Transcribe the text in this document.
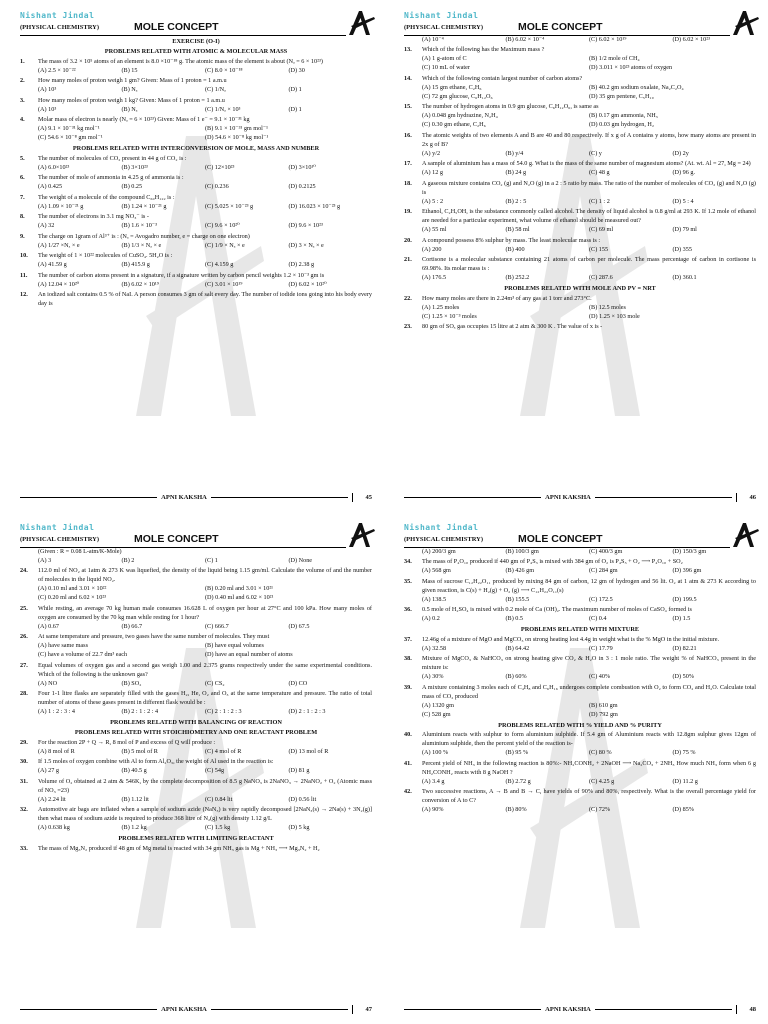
Nishant Jindal
(PHYSICAL CHEMISTRY)	MOLE CONCEPT
EXERCISE (O-I)
PROBLEMS RELATED WITH ATOMIC & MOLECULAR MASS
1.	The mass of 3.2 × 10⁵ atoms of an element is 8.0 ×10⁻¹⁸ g. The atomic mass of the element is about (Nₐ = 6 × 10²³)
(A) 2.5 × 10⁻²²	(B) 15	(C) 8.0 × 10⁻¹⁸	(D) 30
2.	How many moles of proton weigh 1 gm? Given: Mass of 1 proton = 1 a.m.u
(A) 10³	(B) Nₐ	(C) 1/Nₐ	(D) 1
3.	How many moles of proton weigh 1 kg? Given: Mass of 1 proton = 1 a.m.u
(A) 10³	(B) Nₐ	(C) 1/Nₐ × 10³	(D) 1
4.	Molar mass of electron is nearly (Nₐ = 6 × 10²³) Given: Mass of 1 e⁻ = 9.1 × 10⁻³¹ kg
(A) 9.1 × 10⁻³¹ kg mol⁻¹	(B) 9.1 × 10⁻³¹ gm mol⁻¹
(C) 54.6 × 10⁻⁸ gm mol⁻¹	(D) 54.6 × 10⁻⁸ kg mol⁻¹
PROBLEMS RELATED WITH INTERCONVERSION OF MOLE, MASS AND NUMBER
5.	The number of molecules of CO₂ present in 44 g of CO₂ is :
(A) 6.0×10²³	(B) 3×10²³	(C) 12×10²³	(D) 3×10¹⁰
6.	The number of mole of ammonia in 4.25 g of ammonia is :
(A) 0.425	(B) 0.25	(C) 0.236	(D) 0.2125
7.	The weight of a molecule of the compound C₆₀H₁₂₂ is :
(A) 1.09 × 10⁻²¹ g	(B) 1.24 × 10⁻²¹ g	(C) 5.025 × 10⁻²³ g	(D) 16.023 × 10⁻²³ g
8.	The number of electrons in 3.1 mg NO₃⁻ is -
(A) 32	(B) 1.6 × 10⁻³	(C) 9.6 × 10²⁰	(D) 9.6 × 10²³
9.	The charge on 1gram of Al³⁺ is : (Nₐ = Avogadro number, e = charge on one electron)
(A) 1/27 ×Nₐ × e	(B) 1/3 × Nₐ × e	(C) 1/9 × Nₐ × e	(D) 3 × Nₐ × e
10.	The weight of 1 × 10²² molecules of CuSO₄. 5H₂O is :
(A) 41.59 g	(B) 415.9 g	(C) 4.159 g	(D) 2.38 g
11.	The number of carbon atoms present in a signature, if a signature written by carbon pencil weights 1.2 × 10⁻³ gm is
(A) 12.04 × 10²⁰	(B) 6.02 × 10¹⁹	(C) 3.01 × 10¹⁹	(D) 6.02 × 10²⁰
12.	An iodized salt contains 0.5 % of NaI. A person consumes 3 gm of salt every day. The number of iodide ions going into his body every day is
APNI KAKSHA	45
Nishant Jindal
(PHYSICAL CHEMISTRY)	MOLE CONCEPT
(A) 10⁻⁴	(B) 6.02 × 10⁻⁴	(C) 6.02 × 10¹⁹	(D) 6.02 × 10²³
13.	Which of the following has the Maximum mass ?
(A) 1 g-atom of C	(B) 1/2 mole of CH₄
(C) 10 mL of water	(D) 3.011 × 10²³ atoms of oxygen
14.	Which of the following contain largest number of carbon atoms?
(A) 15 gm ethane, C₂H₆	(B) 40.2 gm sodium oxalate, Na₂C₂O₄
(C) 72 gm glucose, C₆H₁₂O₆	(D) 35 gm pentene, C₅H₁₀
15.	The number of hydrogen atoms in 0.9 gm glucose, C₆H₁₂O₆, is same as
(A) 0.048 gm hydrazine, N₂H₄	(B) 0.17 gm ammonia, NH₃
(C) 0.30 gm ethane, C₂H₆	(D) 0.03 gm hydrogen, H₂
16.	The atomic weights of two elements A and B are 40 and 80 respectively. If x g of A contains y atoms, how many atoms are present in 2x g of B?
(A) y/2	(B) y/4	(C) y	(D) 2y
17.	A sample of aluminium has a mass of 54.0 g. What is the mass of the same number of magnesium atoms? (At. wt. Al = 27, Mg = 24)
(A) 12 g	(B) 24 g	(C) 48 g	(D) 96 g.
18.	A gaseous mixture contains CO₂ (g) and N₂O (g) in a 2 : 5 ratio by mass. The ratio of the number of molecules of CO₂ (g) and N₂O (g) is
(A) 5 : 2	(B) 2 : 5	(C) 1 : 2	(D) 5 : 4
19.	Ethanol, C₂H₅OH, is the substance commonly called alcohol. The density of liquid alcohol is 0.8 g/ml at 293 K. If 1.2 mole of ethanol are needed for a particular experiment, what volume of ethanol should be measured out?
(A) 55 ml	(B) 58 ml	(C) 69 ml	(D) 79 ml
20.	A compound possess 8% sulphur by mass. The least molecular mass is :
(A) 200	(B) 400	(C) 155	(D) 355
21.	Cortisone is a molecular substance containing 21 atoms of carbon per molecule. The mass percentage of carbon in cortisone is 69.98%. Its molar mass is :
(A) 176.5	(B) 252.2	(C) 287.6	(D) 360.1
PROBLEMS RELATED WITH MOLE AND PV = NRT
22.	How many moles are there in 2.24m³ of any gas at 1 torr and 273°C.
(A) 1.25 moles	(B) 12.5 moles
(C) 1.25 × 10⁻³ moles	(D) 1.25 × 103 mole
23.	80 gm of SOₓ gas occupies 15 litre at 2 atm & 300 K . The value of x is -
APNI KAKSHA	46
Nishant Jindal
(PHYSICAL CHEMISTRY)	MOLE CONCEPT
(Given : R = 0.08 L-atm/K-Mole)
(A) 3	(B) 2	(C) 1	(D) None
24.	112.0 ml of NO₂ at 1atm & 273 K was liquefied, the density of the liquid being 1.15 gm/ml. Calculate the volume of and the number of molecules in the liquid NO₂.
(A) 0.10 ml and 3.01 × 10²²	(B) 0.20 ml and 3.01 × 10²¹
(C) 0.20 ml and 6.02 × 10²³	(D) 0.40 ml and 6.02 × 10²¹
25.	While resting, an average 70 kg human male consumes 16.628 L of oxygen per hour at 27°C and 100 kPa. How many moles of oxygen are consumed by the 70 kg man while resting for 1 hour?
(A) 0.67	(B) 66.7	(C) 666.7	(D) 67.5
26.	At same temperature and pressure, two gases have the same number of molecules. They must
(A) have same mass	(B) have equal volumes
(C) have a volume of 22.7 dm³ each	(D) have an equal number of atoms
27.	Equal volumes of oxygen gas and a second gas weigh 1.00 and 2.375 grams respectively under the same experimental conditions. Which of the following is the unknown gas?
(A) NO	(B) SO₂	(C) CS₂	(D) CO
28.	Four 1-1 litre flasks are separately filled with the gases H₂, He, O₂ and O₃ at the same temperature and pressure. The ratio of total number of atoms of these gases present in different flask would be :
(A) 1 : 2 : 3 : 4	(B) 2 : 1 : 2 : 4	(C) 2 : 1 : 2 : 3	(D) 2 : 1 : 2 : 3
PROBLEMS RELATED WITH BALANCING OF REACTION
PROBLEMS RELATED WITH STOICHIOMETRY AND ONE REACTANT PROBLEM
29.	For the reaction 2P + Q → R, 8 mol of P and excess of Q will produce :
(A) 8 mol of R	(B) 5 mol of R	(C) 4 mol of R	(D) 13 mol of R
30.	If 1.5 moles of oxygen combine with Al to form Al₂O₃, the weight of Al used in the reaction is:
(A) 27 g	(B) 40.5 g	(C) 54g	(D) 81 g
31.	Volume of O₂ obtained at 2 atm & 546K, by the complete decomposition of 8.5 g NaNO₃ is 2NaNO₃ → 2NaNO₂ + O₂ (Atomic mass of NO₃ =23)
(A) 2.24 lit	(B) 1.12 lit	(C) 0.84 lit	(D) 0.56 lit
32.	Automotive air bags are inflated when a sample of sodium azide (NaN₃) is very rapidly decomposed [2NaN₃(s) → 2Na(s) + 3N₂(g)] then what mass of sodium azide is required to produce 368 litre of N₂(g) with density 1.12 g/L
(A) 0.638 kg	(B) 1.2 kg	(C) 1.5 kg	(D) 5 kg
PROBLEMS RELATED WITH LIMITING REACTANT
33.	The mass of Mg₃N₂ produced if 48 gm of Mg metal is reacted with 34 gm NH₃ gas is Mg + NH₃ ⟶ Mg₃N₂ + H₂
APNI KAKSHA	47
Nishant Jindal
(PHYSICAL CHEMISTRY)	MOLE CONCEPT
(A) 200/3 gm	(B) 100/3 gm	(C) 400/3 gm	(D) 150/3 gm
34.	The mass of P₄O₁₀ produced if 440 gm of P₄S₃ is mixed with 384 gm of O₂ is P₄S₃ + O₂ ⟶ P₄O₁₀ + SO₂
(A) 568 gm	(B) 426 gm	(C) 284 gm	(D) 396 gm
35.	Mass of sucrose C₁₂H₂₂O₁₁ produced by mixing 84 gm of carbon, 12 gm of hydrogen and 56 lit. O₂ at 1 atm & 273 K according to given reaction, is C(s) + H₂(g) + O₂ (g) ⟶ C₁₂H₂₂O₁₁(s)
(A) 138.5	(B) 155.5	(C) 172.5	(D) 199.5
36.	0.5 mole of H₂SO₄ is mixed with 0.2 mole of Ca (OH)₂. The maximum number of moles of CaSO₄ formed is
(A) 0.2	(B) 0.5	(C) 0.4	(D) 1.5
PROBLEMS RELATED WITH MIXTURE
37.	12.46g of a mixture of MgO and MgCO₃ on strong heating lost 4.4g in weight what is the % MgO in the initial mixture.
(A) 32.58	(B) 64.42	(C) 17.79	(D) 82.21
38.	Mixture of MgCO₃ & NaHCO₃ on strong heating give CO₂ & H₂O in 3 : 1 mole ratio. The weight % of NaHCO₃ present in the mixture is:
(A) 30%	(B) 60%	(C) 40%	(D) 50%
39.	A mixture containing 3 moles each of C₄H₈ and C₆H₁₆ undergoes complete combustion with O₂ to form CO₂ and H₂O. Calculate total mass of CO₂ produced
(A) 1320 gm	(B) 610 gm
(C) 528 gm	(D) 792 gm
PROBLEMS RELATED WITH % YIELD AND % PURITY
40.	Aluminium reacts with sulphur to form aluminium sulphide. If 5.4 gm of Aluminium reacts with 12.8gm sulphur gives 12gm of aluminium sulphide, then the percent yield of the reaction is-
(A) 100 %	(B) 95 %	(C) 80 %	(D) 75 %
41.	Percent yield of NH₃ in the following reaction is 80%:- NH₂CONH₂ + 2NaOH ⟶ Na₂CO₃ + 2NH₃ How much NH₃ form when 6 g NH₂CONH₂ reacts with 8 g NaOH ?
(A) 3.4 g	(B) 2.72 g	(C) 4.25 g	(D) 11.2 g
42.	Two successive reactions, A → B and B → C, have yields of 90% and 80%, respectively. What is the overall percentage yield for conversion of A to C?
(A) 90%	(B) 80%	(C) 72%	(D) 85%
APNI KAKSHA	48
